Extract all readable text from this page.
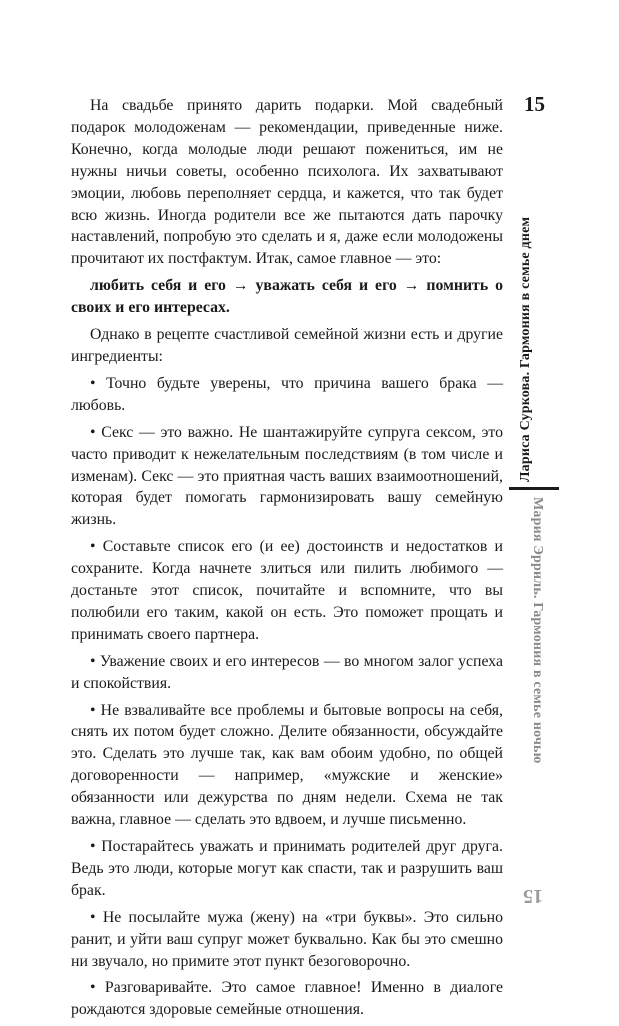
15

На свадьбе принято дарить подарки. Мой свадебный подарок молодоженам — рекомендации, приведенные ниже. Конечно, когда молодые люди решают пожениться, им не нужны ничьи советы, особенно психолога. Их захватывают эмоции, любовь переполняет сердца, и кажется, что так будет всю жизнь. Иногда родители все же пытаются дать парочку наставлений, попробую это сделать и я, даже если молодожены прочитают их постфактум. Итак, самое главное — это:

любить себя и его → уважать себя и его → помнить о своих и его интересах.

Однако в рецепте счастливой семейной жизни есть и другие ингредиенты:

• Точно будьте уверены, что причина вашего брака — любовь.

• Секс — это важно. Не шантажируйте супруга сексом, это часто приводит к нежелательным последствиям (в том числе и изменам). Секс — это приятная часть ваших взаимоотношений, которая будет помогать гармонизировать вашу семейную жизнь.

• Составьте список его (и ее) достоинств и недостатков и сохраните. Когда начнете злиться или пилить любимого — достаньте этот список, почитайте и вспомните, что вы полюбили его таким, какой он есть. Это поможет прощать и принимать своего партнера.

• Уважение своих и его интересов — во многом залог успеха и спокойствия.

• Не взваливайте все проблемы и бытовые вопросы на себя, снять их потом будет сложно. Делите обязанности, обсуждайте это. Сделать это лучше так, как вам обоим удобно, по общей договоренности — например, «мужские и женские» обязанности или дежурства по дням недели. Схема не так важна, главное — сделать это вдвоем, и лучше письменно.

• Постарайтесь уважать и принимать родителей друг друга. Ведь это люди, которые могут как спасти, так и разрушить ваш брак.

• Не посылайте мужа (жену) на «три буквы». Это сильно ранит, и уйти ваш супруг может буквально. Как бы это смешно ни звучало, но примите этот пункт безоговорочно.

• Разговаривайте. Это самое главное! Именно в диалоге рождаются здоровые семейные отношения.

Лариса Суркова. Гармония в семье днем
Мария Эрриль. Гармония в семье ночью
15
